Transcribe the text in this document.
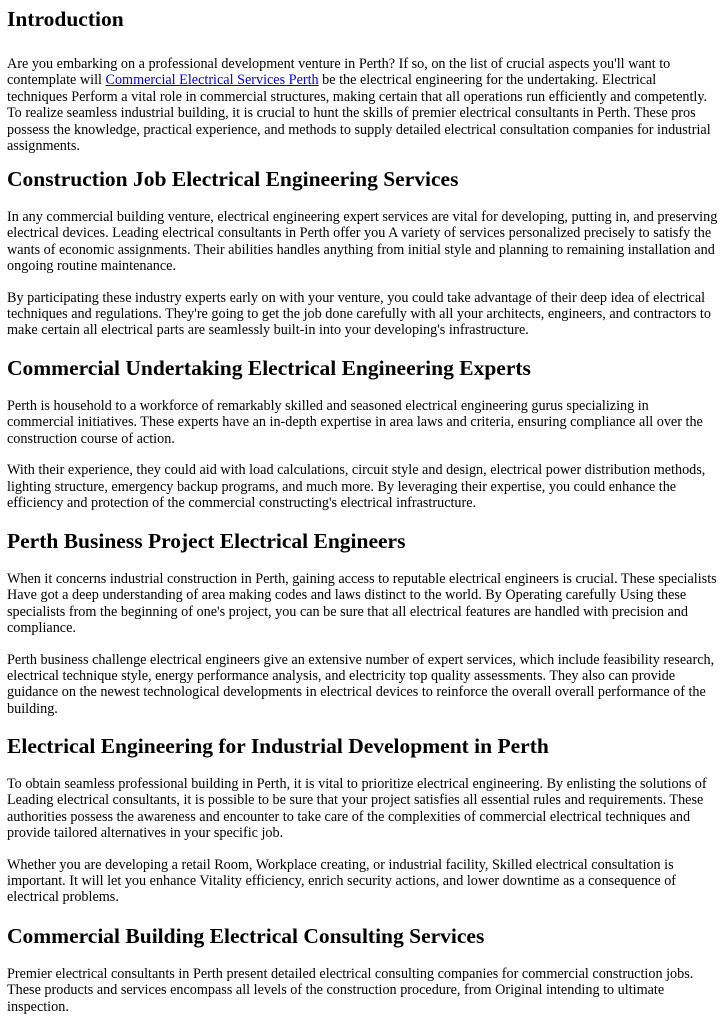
Introduction

Are you embarking on a professional development venture in Perth? If so, on the list of crucial aspects you'll want to contemplate will Commercial Electrical Services Perth be the electrical engineering for the undertaking. Electrical techniques Perform a vital role in commercial structures, making certain that all operations run efficiently and competently. To realize seamless industrial building, it is crucial to hunt the skills of premier electrical consultants in Perth. These pros possess the knowledge, practical experience, and methods to supply detailed electrical consultation companies for industrial assignments.

Construction Job Electrical Engineering Services

In any commercial building venture, electrical engineering expert services are vital for developing, putting in, and preserving electrical devices. Leading electrical consultants in Perth offer you A variety of services personalized precisely to satisfy the wants of economic assignments. Their abilities handles anything from initial style and planning to remaining installation and ongoing routine maintenance.

By participating these industry experts early on with your venture, you could take advantage of their deep idea of electrical techniques and regulations. They're going to get the job done carefully with all your architects, engineers, and contractors to make certain all electrical parts are seamlessly built-in into your developing's infrastructure.

Commercial Undertaking Electrical Engineering Experts

Perth is household to a workforce of remarkably skilled and seasoned electrical engineering gurus specializing in commercial initiatives. These experts have an in-depth expertise in area laws and criteria, ensuring compliance all over the construction course of action.

With their experience, they could aid with load calculations, circuit style and design, electrical power distribution methods, lighting structure, emergency backup programs, and much more. By leveraging their expertise, you could enhance the efficiency and protection of the commercial constructing's electrical infrastructure.

Perth Business Project Electrical Engineers

When it concerns industrial construction in Perth, gaining access to reputable electrical engineers is crucial. These specialists Have got a deep understanding of area making codes and laws distinct to the world. By Operating carefully Using these specialists from the beginning of one's project, you can be sure that all electrical features are handled with precision and compliance.

Perth business challenge electrical engineers give an extensive number of expert services, which include feasibility research, electrical technique style, energy performance analysis, and electricity top quality assessments. They also can provide guidance on the newest technological developments in electrical devices to reinforce the overall overall performance of the building.

Electrical Engineering for Industrial Development in Perth

To obtain seamless professional building in Perth, it is vital to prioritize electrical engineering. By enlisting the solutions of Leading electrical consultants, it is possible to be sure that your project satisfies all essential rules and requirements. These authorities possess the awareness and encounter to take care of the complexities of commercial electrical techniques and provide tailored alternatives in your specific job.

Whether you are developing a retail Room, Workplace creating, or industrial facility, Skilled electrical consultation is important. It will let you enhance Vitality efficiency, enrich security actions, and lower downtime as a consequence of electrical problems.

Commercial Building Electrical Consulting Services

Premier electrical consultants in Perth present detailed electrical consulting companies for commercial construction jobs. These products and services encompass all levels of the construction procedure, from Original intending to ultimate inspection.
